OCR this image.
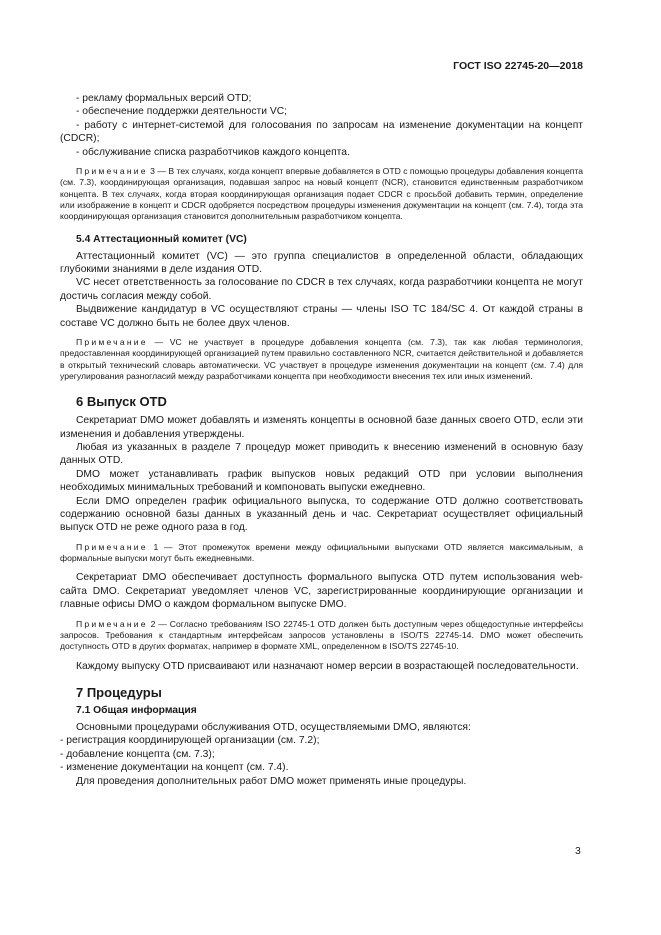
ГОСТ ISO 22745-20—2018

- рекламу формальных версий OTD;

- обеспечение поддержки деятельности VC;

- работу с интернет-системой для голосования по запросам на изменение документации на концепт (CDCR);

- обслуживание списка разработчиков каждого концепта.

Примечание 3 — В тех случаях, когда концепт впервые добавляется в OTD с помощью процедуры добавления концепта (см. 7.3), координирующая организация, подавшая запрос на новый концепт (NCR), становится единственным разработчиком концепта. В тех случаях, когда вторая координирующая организация подает CDCR с просьбой добавить термин, определение или изображение в концепт и CDCR одобряется посредством процедуры изменения документации на концепт (см. 7.4), тогда эта координирующая организация становится дополнительным разработчиком концепта.

5.4 Аттестационный комитет (VC)

Аттестационный комитет (VC) — это группа специалистов в определенной области, обладающих глубокими знаниями в деле издания OTD.

VC несет ответственность за голосование по CDCR в тех случаях, когда разработчики концепта не могут достичь согласия между собой.

Выдвижение кандидатур в VC осуществляют страны — члены ISO TC 184/SC 4. От каждой страны в составе VC должно быть не более двух членов.

Примечание — VC не участвует в процедуре добавления концепта (см. 7.3), так как любая терминология, предоставленная координирующей организацией путем правильно составленного NCR, считается действительной и добавляется в открытый технический словарь автоматически. VC участвует в процедуре изменения документации на концепт (см. 7.4) для урегулирования разногласий между разработчиками концепта при необходимости внесения тех или иных изменений.

6 Выпуск OTD

Секретариат DMO может добавлять и изменять концепты в основной базе данных своего OTD, если эти изменения и добавления утверждены.

Любая из указанных в разделе 7 процедур может приводить к внесению изменений в основную базу данных OTD.

DMO может устанавливать график выпусков новых редакций OTD при условии выполнения необходимых минимальных требований и компоновать выпуски ежедневно.

Если DMO определен график официального выпуска, то содержание OTD должно соответствовать содержанию основной базы данных в указанный день и час. Секретариат осуществляет официальный выпуск OTD не реже одного раза в год.

Примечание 1 — Этот промежуток времени между официальными выпусками OTD является максимальным, а формальные выпуски могут быть ежедневными.

Секретариат DMO обеспечивает доступность формального выпуска OTD путем использования web-сайта DMO. Секретариат уведомляет членов VC, зарегистрированные координирующие организации и главные офисы DMO о каждом формальном выпуске DMO.

Примечание 2 — Согласно требованиям ISO 22745-1 OTD должен быть доступным через общедоступные интерфейсы запросов. Требования к стандартным интерфейсам запросов установлены в ISO/TS 22745-14. DMO может обеспечить доступность OTD в других форматах, например в формате XML, определенном в ISO/TS 22745-10.

Каждому выпуску OTD присваивают или назначают номер версии в возрастающей последовательности.

7 Процедуры
7.1 Общая информация

Основными процедурами обслуживания OTD, осуществляемыми DMO, являются:

- регистрация координирующей организации (см. 7.2);

- добавление концепта (см. 7.3);

- изменение документации на концепт (см. 7.4).

Для проведения дополнительных работ DMO может применять иные процедуры.

3
